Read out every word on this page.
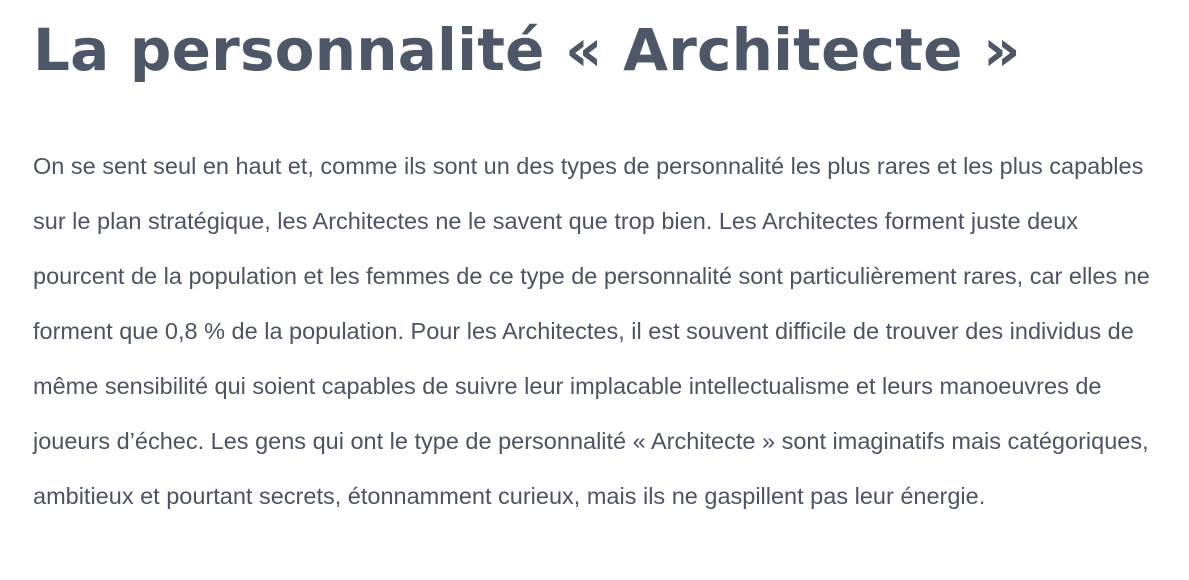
La personnalité « Architecte »

On se sent seul en haut et, comme ils sont un des types de personnalité les plus rares et les plus capables sur le plan stratégique, les Architectes ne le savent que trop bien. Les Architectes forment juste deux pourcent de la population et les femmes de ce type de personnalité sont particulièrement rares, car elles ne forment que 0,8 % de la population. Pour les Architectes, il est souvent difficile de trouver des individus de même sensibilité qui soient capables de suivre leur implacable intellectualisme et leurs manoeuvres de joueurs d’échec. Les gens qui ont le type de personnalité « Architecte » sont imaginatifs mais catégoriques, ambitieux et pourtant secrets, étonnamment curieux, mais ils ne gaspillent pas leur énergie.
